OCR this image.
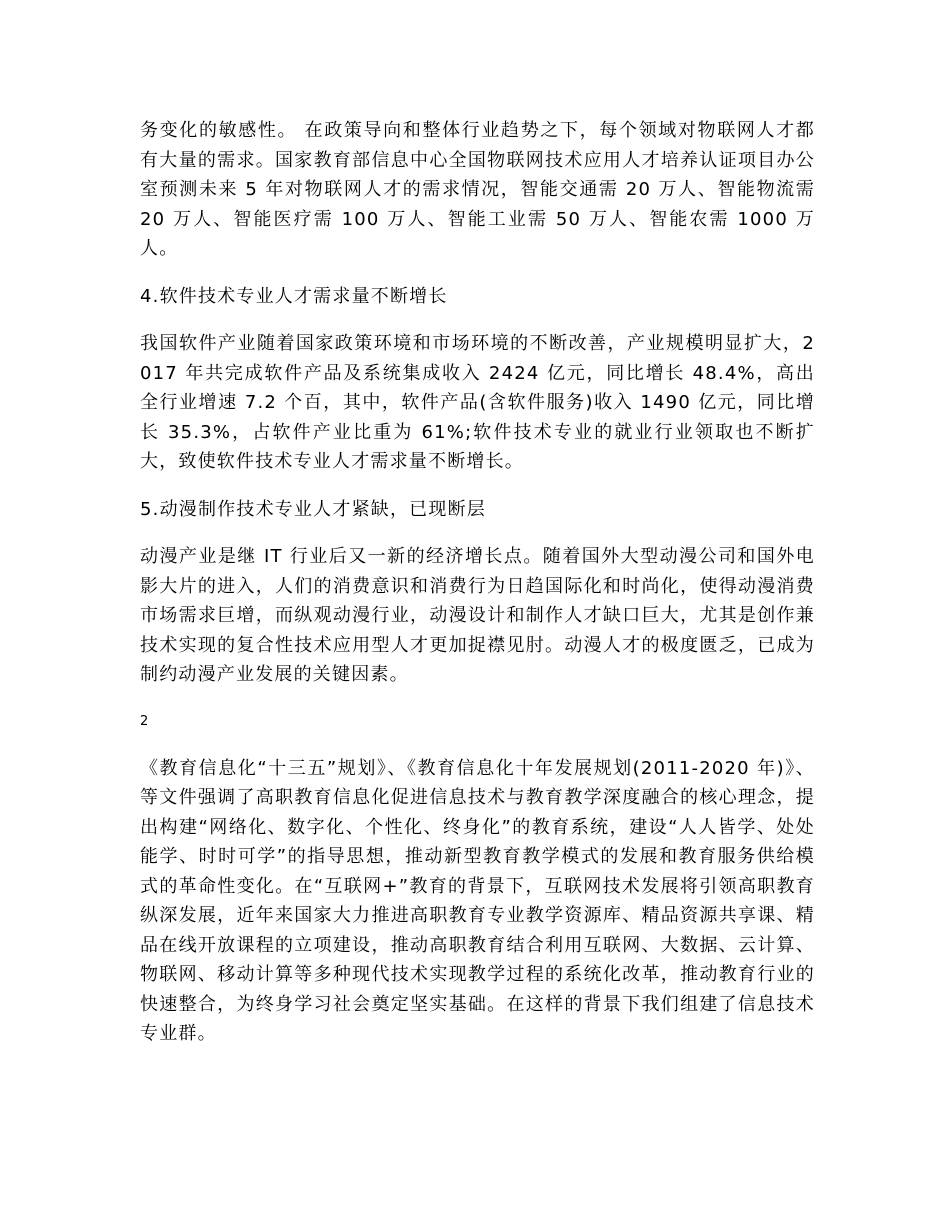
务变化的敏感性。 在政策导向和整体行业趋势之下，每个领域对物联网人才都有大量的需求。国家教育部信息中心全国物联网技术应用人才培养认证项目办公室预测未来 5 年对物联网人才的需求情况，智能交通需 20 万人、智能物流需 20 万人、智能医疗需 100 万人、智能工业需 50 万人、智能农需 1000 万人。

4.软件技术专业人才需求量不断增长

我国软件产业随着国家政策环境和市场环境的不断改善，产业规模明显扩大，2017 年共完成软件产品及系统集成收入 2424 亿元，同比增长 48.4%，高出全行业增速 7.2 个百，其中，软件产品(含软件服务)收入 1490 亿元，同比增长 35.3%，占软件产业比重为 61%;软件技术专业的就业行业领取也不断扩大，致使软件技术专业人才需求量不断增长。

5.动漫制作技术专业人才紧缺，已现断层

动漫产业是继 IT 行业后又一新的经济增长点。随着国外大型动漫公司和国外电影大片的进入，人们的消费意识和消费行为日趋国际化和时尚化，使得动漫消费市场需求巨增，而纵观动漫行业，动漫设计和制作人才缺口巨大，尤其是创作兼技术实现的复合性技术应用型人才更加捉襟见肘。动漫人才的极度匮乏，已成为制约动漫产业发展的关键因素。

2

《教育信息化“十三五”规划》、《教育信息化十年发展规划(2011-2020 年)》、等文件强调了高职教育信息化促进信息技术与教育教学深度融合的核心理念，提出构建“网络化、数字化、个性化、终身化”的教育系统，建设“人人皆学、处处能学、时时可学”的指导思想，推动新型教育教学模式的发展和教育服务供给模式的革命性变化。在“互联网+”教育的背景下，互联网技术发展将引领高职教育纵深发展，近年来国家大力推进高职教育专业教学资源库、精品资源共享课、精品在线开放课程的立项建设，推动高职教育结合利用互联网、大数据、云计算、物联网、移动计算等多种现代技术实现教学过程的系统化改革，推动教育行业的快速整合，为终身学习社会奠定坚实基础。在这样的背景下我们组建了信息技术专业群。
